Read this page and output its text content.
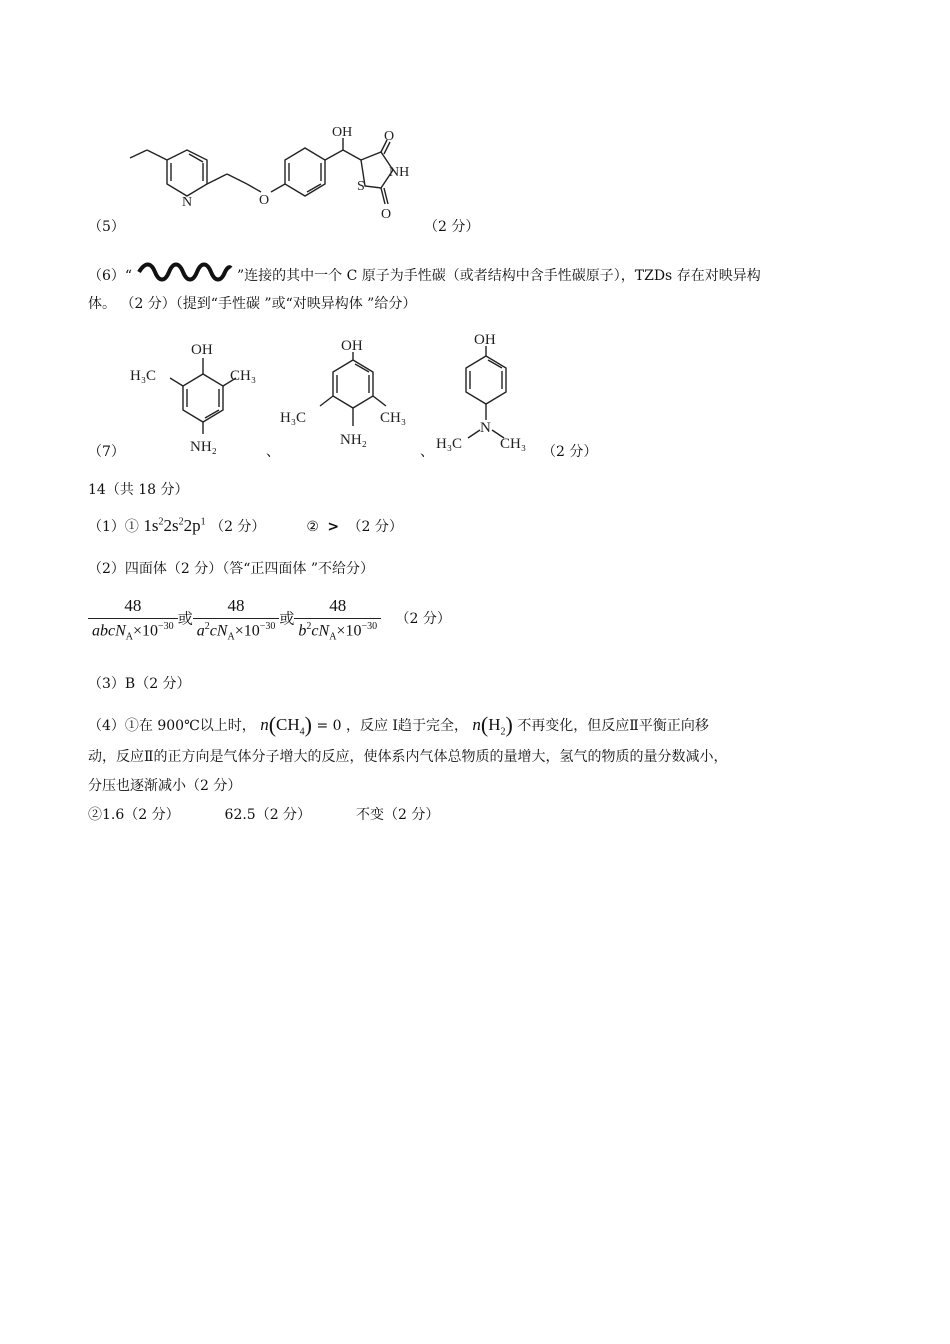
OH O
NH
S
O
O
N
（5）	（2 分）
（6）“	”连接的其中一个 C 原子为手性碳（或者结构中含手性碳原子），TZDs 存在对映异构
体。 （2 分）（提到“手性碳 ”或“对映异构体 ”给分）
（7）
OH
H₃C	CH₃
NH₂	、
OH
H₃C	CH₃
NH₂
、
OH
N
H₃C	CH₃ （2 分）
14（共 18 分）
（1）① $1s^22s^22p^1$ （2 分）	② > （2 分）
（2）四面体（2 分）（答“正四面体 ”不给分）
$\frac{48}{abcN_A\times 10^{-30}}$ 或 $\frac{48}{a^2cN_A\times 10^{-30}}$ 或 $\frac{48}{b^2cN_A\times 10^{-30}} (2$ 分）
（3）B（2 分）
（4）①在 900℃以上时， $n(CH_4) = 0$ ，反应 Ⅰ趋于完全， $n(H_2)$ 不再变化，但反应Ⅱ平衡正向移
动，反应Ⅱ的正方向是气体分子增大的反应，使体系内气体总物质的量增大，氢气的物质的量分数减小，
分压也逐渐减小（2 分）
②1.6（2 分）	62.5（2 分）	不变（2 分）
